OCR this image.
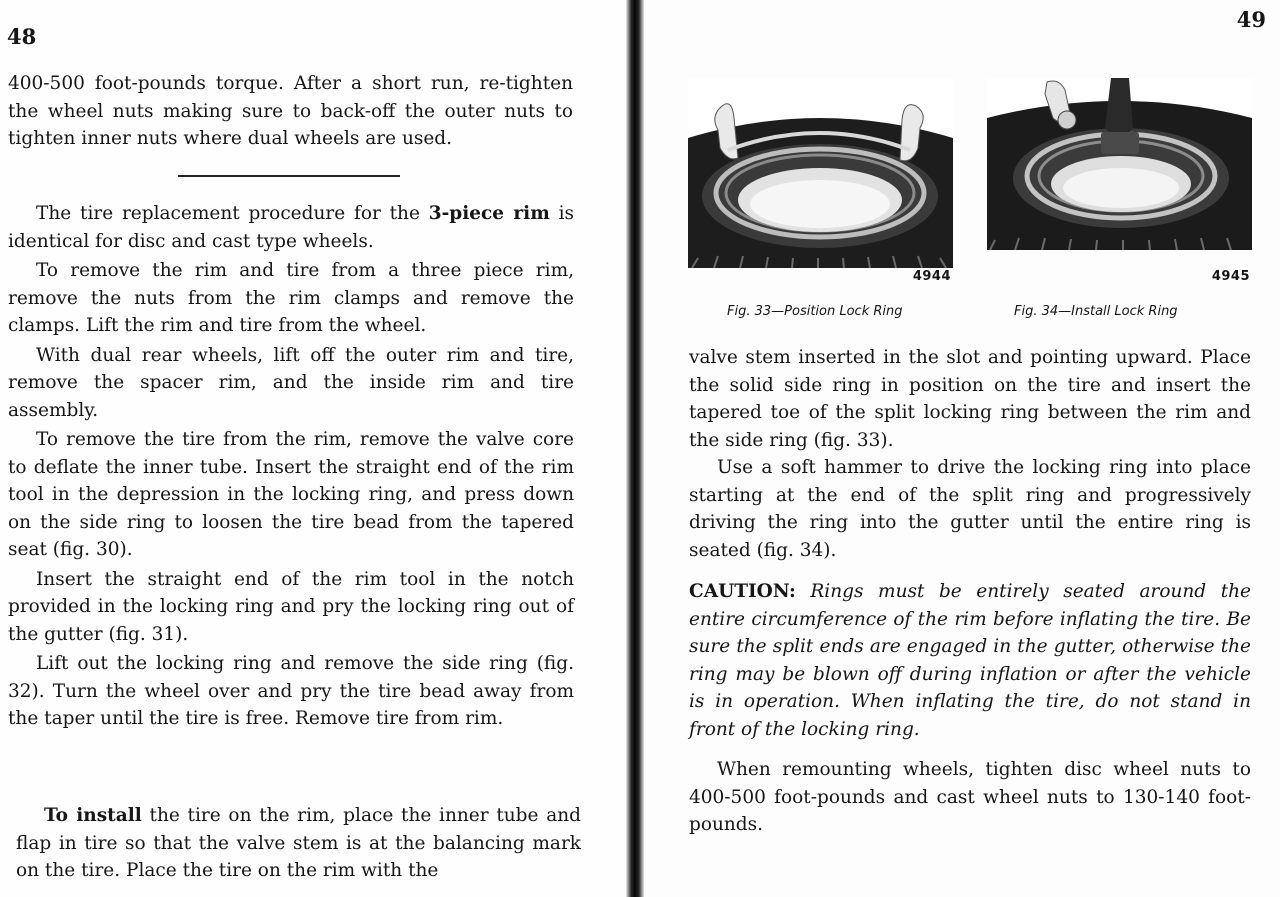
48

400-500 foot-pounds torque. After a short run, re-tighten the wheel nuts making sure to back-off the outer nuts to tighten inner nuts where dual wheels are used.

The tire replacement procedure for the 3-piece rim is identical for disc and cast type wheels.

To remove the rim and tire from a three piece rim, remove the nuts from the rim clamps and remove the clamps. Lift the rim and tire from the wheel.

With dual rear wheels, lift off the outer rim and tire, remove the spacer rim, and the inside rim and tire assembly.

To remove the tire from the rim, remove the valve core to deflate the inner tube. Insert the straight end of the rim tool in the depression in the locking ring, and press down on the side ring to loosen the tire bead from the tapered seat (fig. 30).

Insert the straight end of the rim tool in the notch provided in the locking ring and pry the locking ring out of the gutter (fig. 31).

Lift out the locking ring and remove the side ring (fig. 32). Turn the wheel over and pry the tire bead away from the taper until the tire is free. Remove tire from rim.

To install the tire on the rim, place the inner tube and flap in tire so that the valve stem is at the balancing mark on the tire. Place the tire on the rim with the

49
4944
Fig. 33—Position Lock Ring
4945
Fig. 34—Install Lock Ring

valve stem inserted in the slot and pointing upward. Place the solid side ring in position on the tire and insert the tapered toe of the split locking ring between the rim and the side ring (fig. 33).

Use a soft hammer to drive the locking ring into place starting at the end of the split ring and progressively driving the ring into the gutter until the entire ring is seated (fig. 34).

CAUTION: Rings must be entirely seated around the entire circumference of the rim before inflating the tire. Be sure the split ends are engaged in the gutter, otherwise the ring may be blown off during inflation or after the vehicle is in operation. When inflating the tire, do not stand in front of the locking ring.

When remounting wheels, tighten disc wheel nuts to 400-500 foot-pounds and cast wheel nuts to 130-140 foot-pounds.
